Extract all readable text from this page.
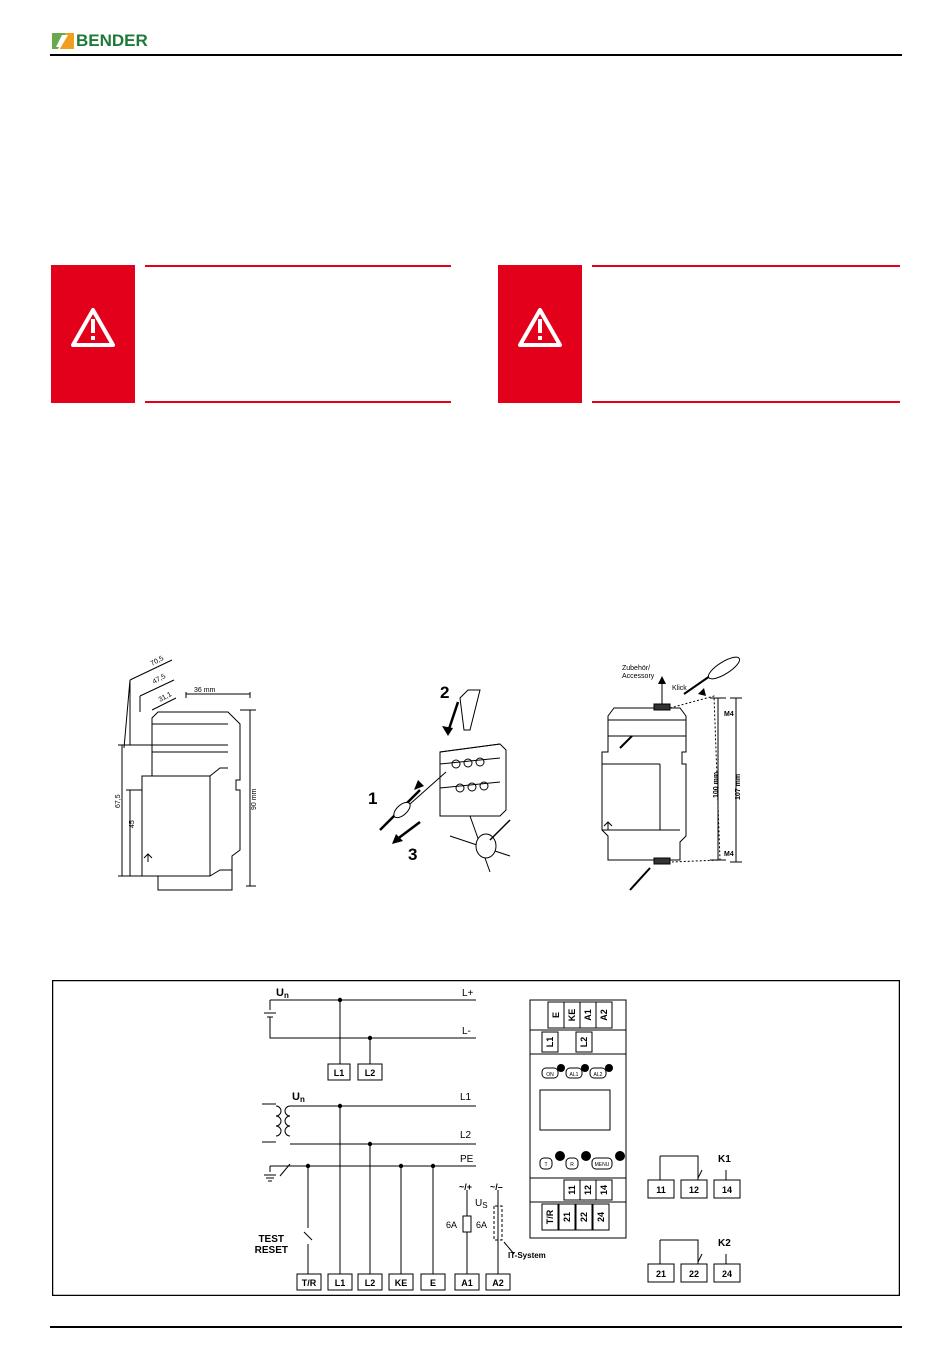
BENDER
70,5
47,5
31,1
36 mm
67,5
45
90 mm
2
1
3
Zubehör/
Accessory
Klick
M4
M4
100 mm 107 mm
Un
Un
L+
L-
L1
L2
PE
L1 L2
TEST
RESET
~/+ ~/–
$U_S$
6A 6A
IT-System
T/R L1 L2 KE	E	A1 A2
E KE A1 A2
L1	L2
ON	AL1	AL2
T	R	MENU
11 12 14
T/R 21 22 24
K1
K2
11	12	14
21	22	24
